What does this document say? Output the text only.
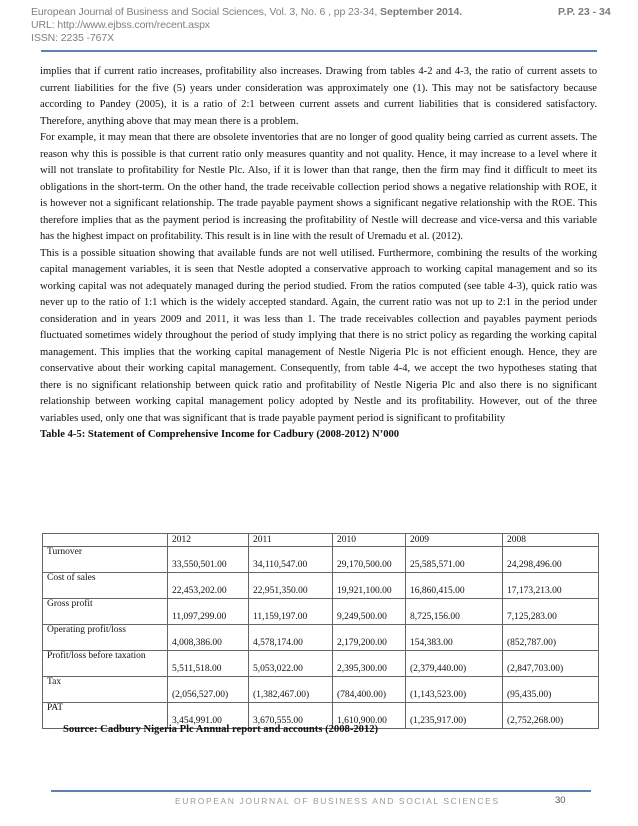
European Journal of Business and Social Sciences, Vol. 3, No. 6 , pp 23-34, September 2014.	P.P. 23 - 34
URL: http://www.ejbss.com/recent.aspx
ISSN: 2235 -767X

implies that if current ratio increases, profitability also increases. Drawing from tables 4-2 and 4-3, the ratio of current assets to current liabilities for the five (5) years under consideration was approximately one (1). This may not be satisfactory because according to Pandey (2005), it is a ratio of 2:1 between current assets and current liabilities that is considered satisfactory. Therefore, anything above that may mean there is a problem.

For example, it may mean that there are obsolete inventories that are no longer of good quality being carried as current assets. The reason why this is possible is that current ratio only measures quantity and not quality. Hence, it may increase to a level where it will not translate to profitability for Nestle Plc. Also, if it is lower than that range, then the firm may find it difficult to meet its obligations in the short-term. On the other hand, the trade receivable collection period shows a negative relationship with ROE, it is however not a significant relationship. The trade payable payment shows a significant negative relationship with the ROE. This therefore implies that as the payment period is increasing the profitability of Nestle will decrease and vice-versa and this variable has the highest impact on profitability. This result is in line with the result of Uremadu et al. (2012).

This is a possible situation showing that available funds are not well utilised. Furthermore, combining the results of the working capital management variables, it is seen that Nestle adopted a conservative approach to working capital management and so its working capital was not adequately managed during the period studied. From the ratios computed (see table 4-3), quick ratio was never up to the ratio of 1:1 which is the widely accepted standard. Again, the current ratio was not up to 2:1 in the period under consideration and in years 2009 and 2011, it was less than 1. The trade receivables collection and payables payment periods fluctuated sometimes widely throughout the period of study implying that there is no strict policy as regarding the working capital management. This implies that the working capital management of Nestle Nigeria Plc is not efficient enough. Hence, they are conservative about their working capital management. Consequently, from table 4-4, we accept the two hypotheses stating that there is no significant relationship between quick ratio and profitability of Nestle Nigeria Plc and also there is no significant relationship between working capital management policy adopted by Nestle and its profitability. However, out of the three variables used, only one that was significant that is trade payable payment period is significant to profitability

Table 4-5: Statement of Comprehensive Income for Cadbury (2008-2012) N’000

	2012	2011	2010	2009	2008
Turnover	33,550,501.00	34,110,547.00	29,170,500.00	25,585,571.00	24,298,496.00
Cost of sales	22,453,202.00	22,951,350.00	19,921,100.00	16,860,415.00	17,173,213.00
Gross profit	11,097,299.00	11,159,197.00	9,249,500.00	8,725,156.00	7,125,283.00
Operating profit/loss	4,008,386.00	4,578,174.00	2,179,200.00	154,383.00	(852,787.00)
Profit/loss before taxation	5,511,518.00	5,053,022.00	2,395,300.00	(2,379,440.00)	(2,847,703.00)
Tax	(2,056,527.00)	(1,382,467.00)	(784,400.00)	(1,143,523.00)	(95,435.00)
PAT	3,454,991.00	3,670,555.00	1,610,900.00	(1,235,917.00)	(2,752,268.00)
Source: Cadbury Nigeria Plc Annual report and accounts (2008-2012)
EUROPEAN JOURNAL OF BUSINESS AND SOCIAL SCIENCES	30
